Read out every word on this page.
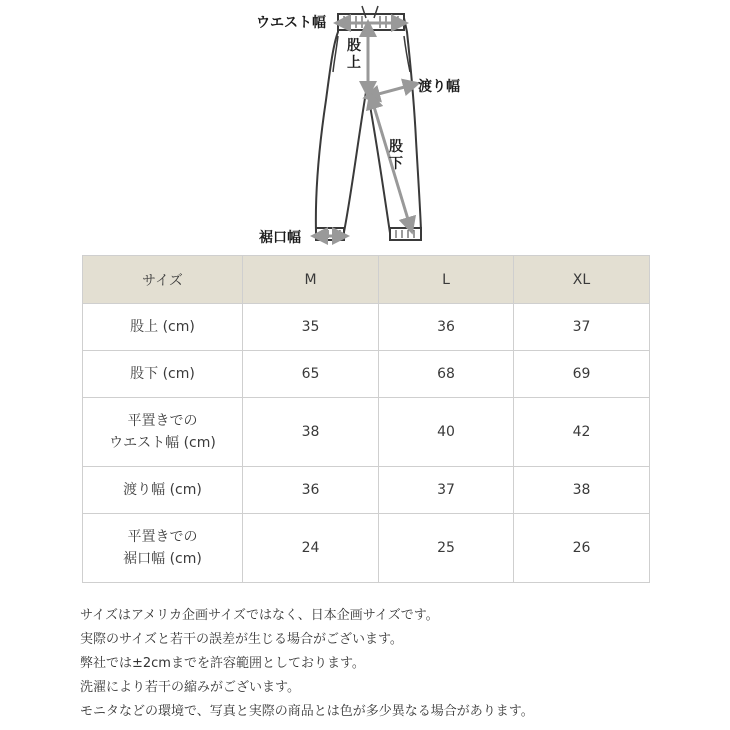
ウエスト幅
股上
渡り幅
股下
裾口幅
サイズ	M	L	XL

股上 (cm)	35	36	37

股下 (cm)	65	68	69

平置きでの
ウエスト幅 (cm)	38	40	42

渡り幅 (cm)	36	37	38

平置きでの
裾口幅 (cm)	24	25	26
サイズはアメリカ企画サイズではなく、日本企画サイズです。
実際のサイズと若干の誤差が生じる場合がございます。
弊社では±2cmまでを許容範囲としております。
洗濯により若干の縮みがございます。
モニタなどの環境で、写真と実際の商品とは色が多少異なる場合があります。
